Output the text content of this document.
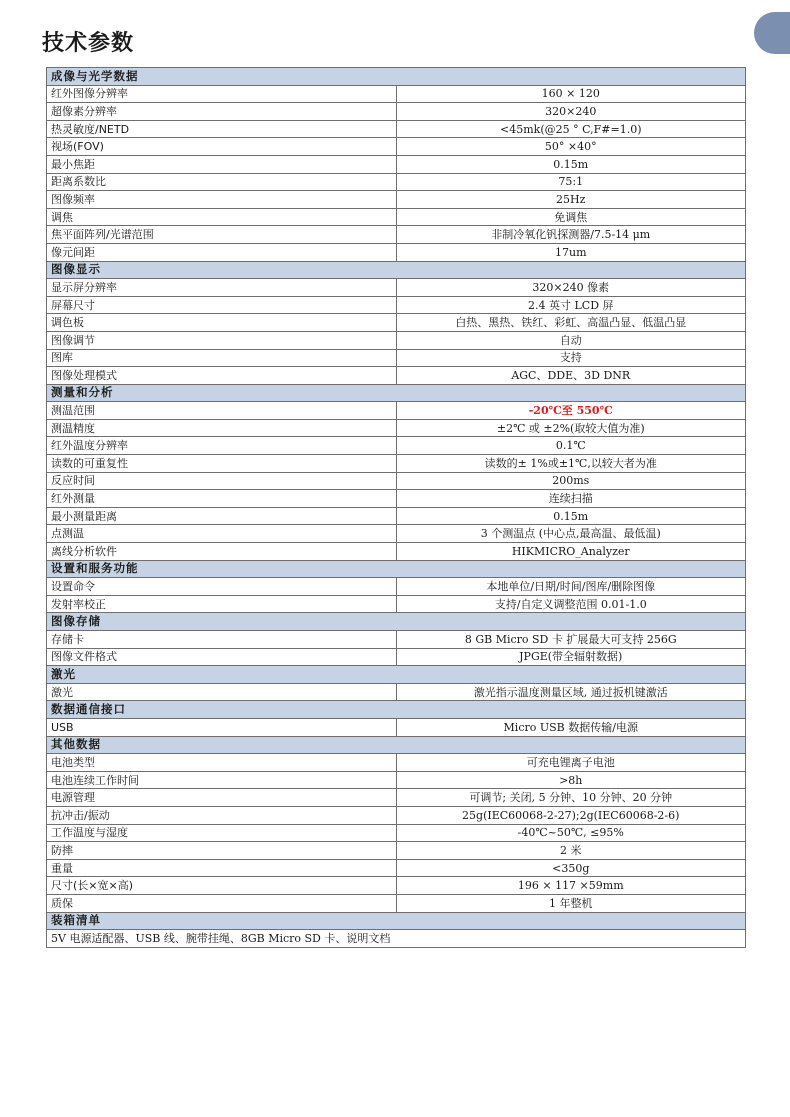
技术参数
成像与光学数据	
红外图像分辨率	160 × 120
超像素分辨率	320×240
热灵敏度/NETD	<45mk(@25 ° C,F#=1.0)
视场(FOV)	50° ×40°
最小焦距	0.15m
距离系数比	75:1
图像频率	25Hz
调焦	免调焦
焦平面阵列/光谱范围	非制冷氧化钒探测器/7.5-14 μm
像元间距	17um
图像显示	
显示屏分辨率	320×240 像素
屏幕尺寸	2.4 英寸 LCD 屏
调色板	白热、黑热、铁红、彩虹、高温凸显、低温凸显
图像调节	自动
图库	支持
图像处理模式	AGC、DDE、3D DNR
测量和分析	
测温范围	-20℃至 550℃
测温精度	±2℃ 或 ±2%(取较大值为准)
红外温度分辨率	0.1℃
读数的可重复性	读数的± 1%或±1℃,以较大者为准
反应时间	200ms
红外测量	连续扫描
最小测量距离	0.15m
点测温	3 个测温点 (中心点,最高温、最低温)
离线分析软件	HIKMICRO_Analyzer
设置和服务功能	
设置命令	本地单位/日期/时间/图库/删除图像
发射率校正	支持/自定义调整范围 0.01-1.0
图像存储	
存储卡	8 GB Micro SD 卡 扩展最大可支持 256G
图像文件格式	JPGE(带全辐射数据)
激光	
激光	激光指示温度测量区域, 通过扳机键激活
数据通信接口	
USB	Micro USB 数据传输/电源
其他数据	
电池类型	可充电锂离子电池
电池连续工作时间	>8h
电源管理	可调节; 关闭, 5 分钟、10 分钟、20 分钟
抗冲击/振动	25g(IEC60068-2-27);2g(IEC60068-2-6)
工作温度与湿度	-40℃~50℃, ≤95%
防摔	2 米
重量	<350g
尺寸(长×宽×高)	196 × 117 ×59mm
质保	1 年整机
装箱清单	
5V 电源适配器、USB 线、腕带挂绳、8GB Micro SD 卡、说明文档	
